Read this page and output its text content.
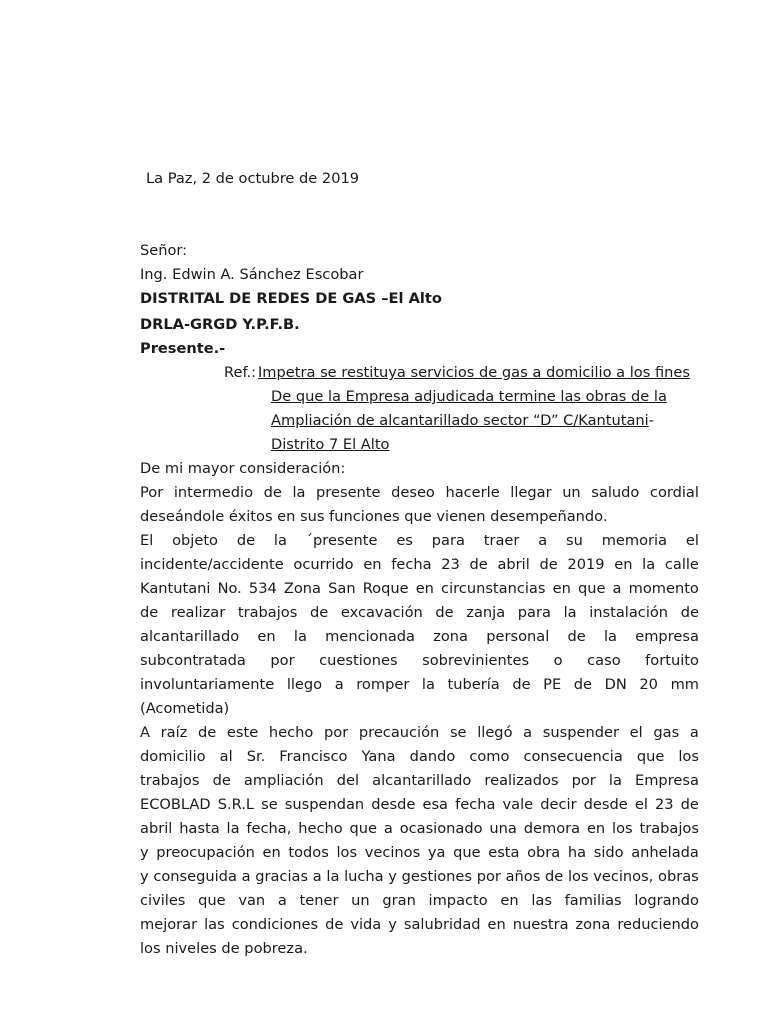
La Paz, 2 de octubre de 2019
Señor:
Ing. Edwin A. Sánchez Escobar
DISTRITAL DE REDES DE GAS –El Alto
DRLA-GRGD Y.P.F.B.
Presente.-
Ref.: Impetra se restituya servicios de gas a domicilio a los fines
De que la Empresa adjudicada termine las obras de la
Ampliación de alcantarillado sector “D” C/Kantutani-
Distrito 7 El Alto
De mi mayor consideración:
Por intermedio de la presente deseo hacerle llegar un saludo cordial
deseándole éxitos en sus funciones que vienen desempeñando.
El objeto de la ´presente es para traer a su memoria el
incidente/accidente ocurrido en fecha 23 de abril de 2019 en la calle
Kantutani No. 534 Zona San Roque en circunstancias en que a momento
de realizar trabajos de excavación de zanja para la instalación de
alcantarillado en la mencionada zona personal de la empresa
subcontratada por cuestiones sobrevinientes o caso fortuito
involuntariamente llego a romper la tubería de PE de DN 20 mm
(Acometida)
A raíz de este hecho por precaución se llegó a suspender el gas a
domicilio al Sr. Francisco Yana dando como consecuencia que los
trabajos de ampliación del alcantarillado realizados por la Empresa
ECOBLAD S.R.L se suspendan desde esa fecha vale decir desde el 23 de
abril hasta la fecha, hecho que a ocasionado una demora en los trabajos
y preocupación en todos los vecinos ya que esta obra ha sido anhelada
y conseguida a gracias a la lucha y gestiones por años de los vecinos, obras
civiles que van a tener un gran impacto en las familias logrando
mejorar las condiciones de vida y salubridad en nuestra zona reduciendo
los niveles de pobreza.
